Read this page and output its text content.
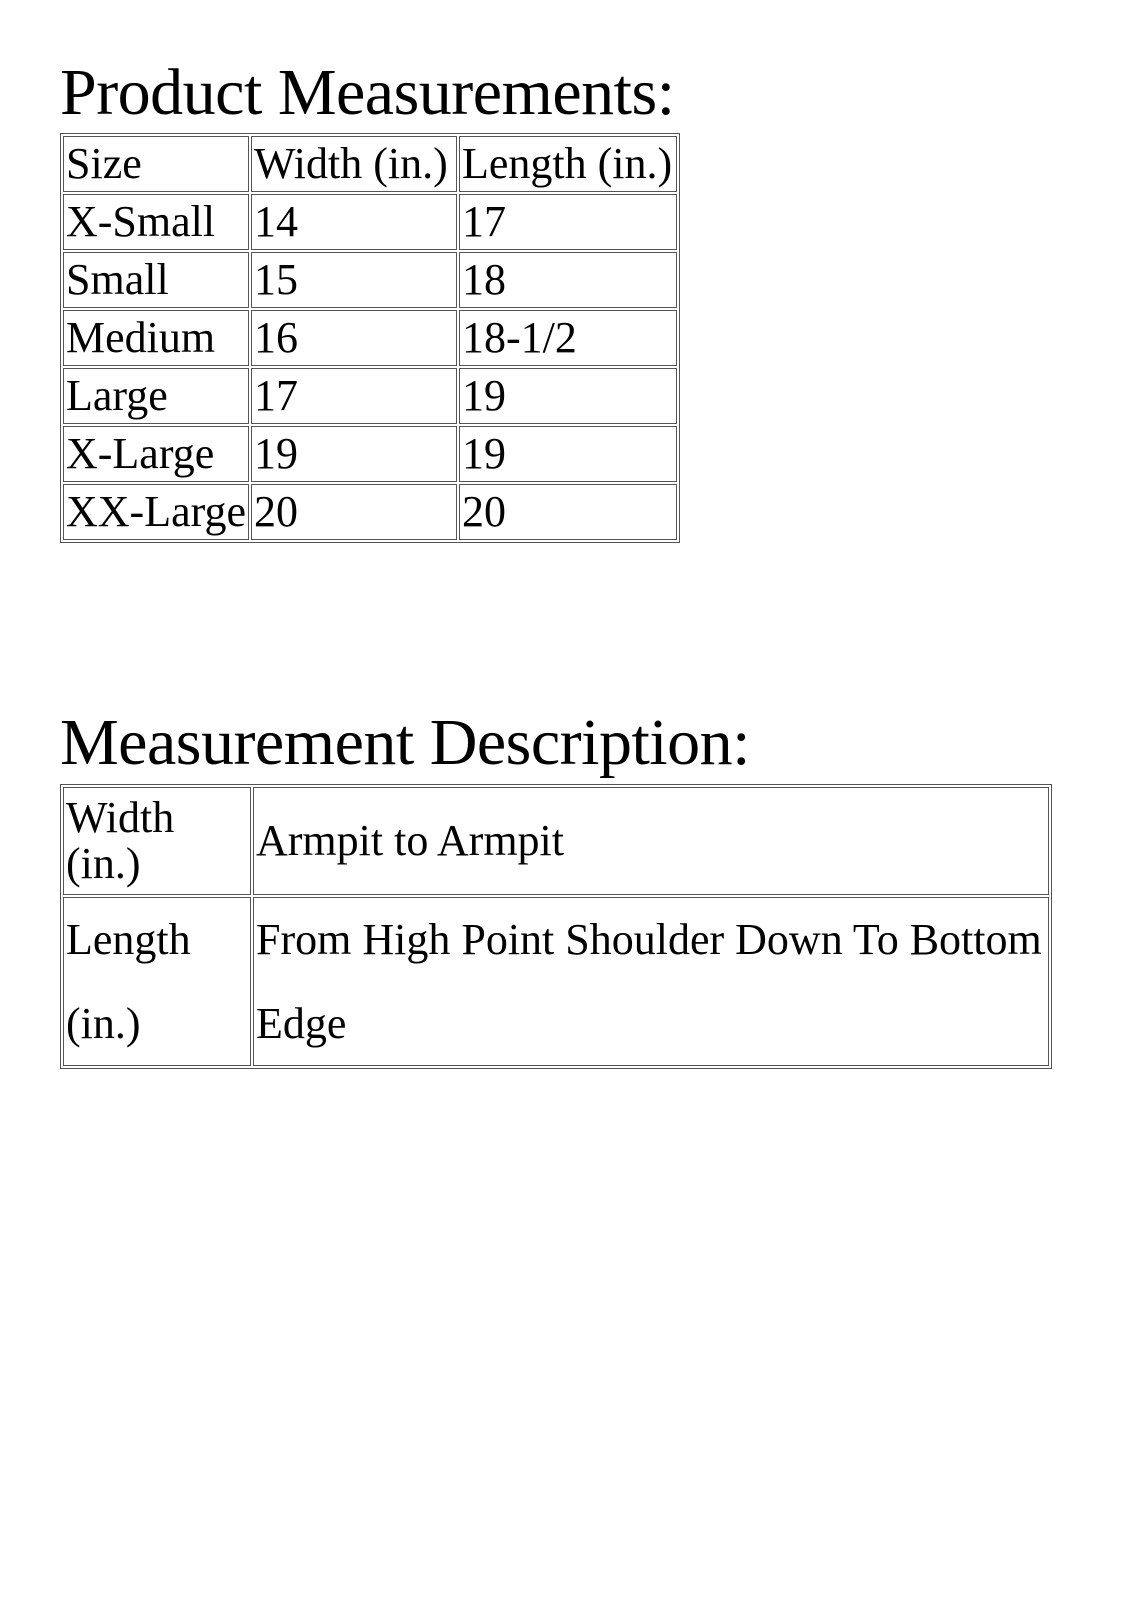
Product Measurements:
Size	Width (in.)	Length (in.)
X-Small	14	17
Small	15	18
Medium	16	18-1/2
Large	17	19
X-Large	19	19
XX-Large	20	20
Measurement Description:
Width (in.)	Armpit to Armpit
Length (in.)	From High Point Shoulder Down To Bottom Edge
